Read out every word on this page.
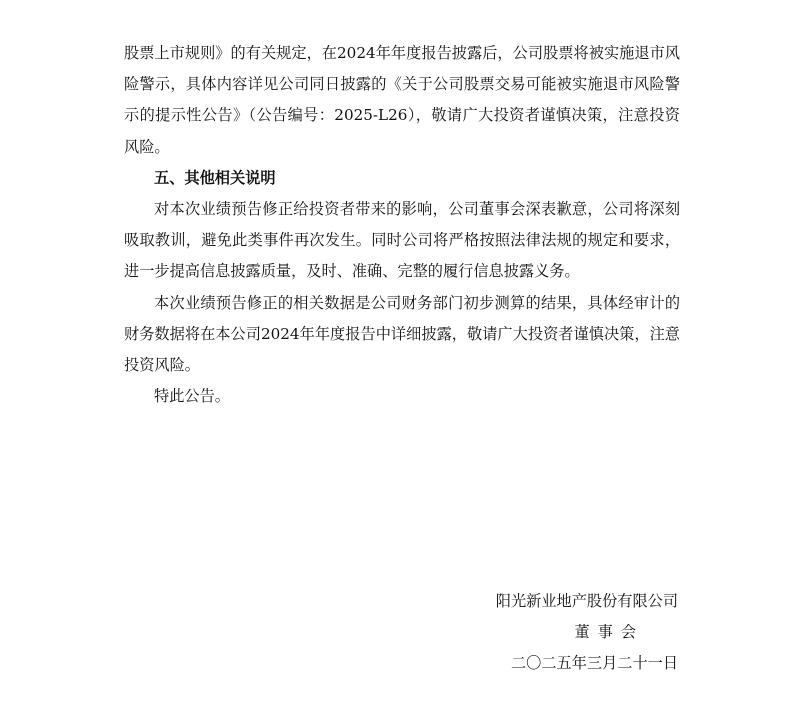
股票上市规则》的有关规定，在2024年年度报告披露后，公司股票将被实施退市风险警示，具体内容详见公司同日披露的《关于公司股票交易可能被实施退市风险警示的提示性公告》（公告编号：2025-L26），敬请广大投资者谨慎决策，注意投资风险。

五、其他相关说明

对本次业绩预告修正给投资者带来的影响，公司董事会深表歉意，公司将深刻吸取教训，避免此类事件再次发生。同时公司将严格按照法律法规的规定和要求，进一步提高信息披露质量，及时、准确、完整的履行信息披露义务。

本次业绩预告修正的相关数据是公司财务部门初步测算的结果，具体经审计的财务数据将在本公司2024年年度报告中详细披露，敬请广大投资者谨慎决策，注意投资风险。

特此公告。

阳光新业地产股份有限公司
董事会
二〇二五年三月二十一日
